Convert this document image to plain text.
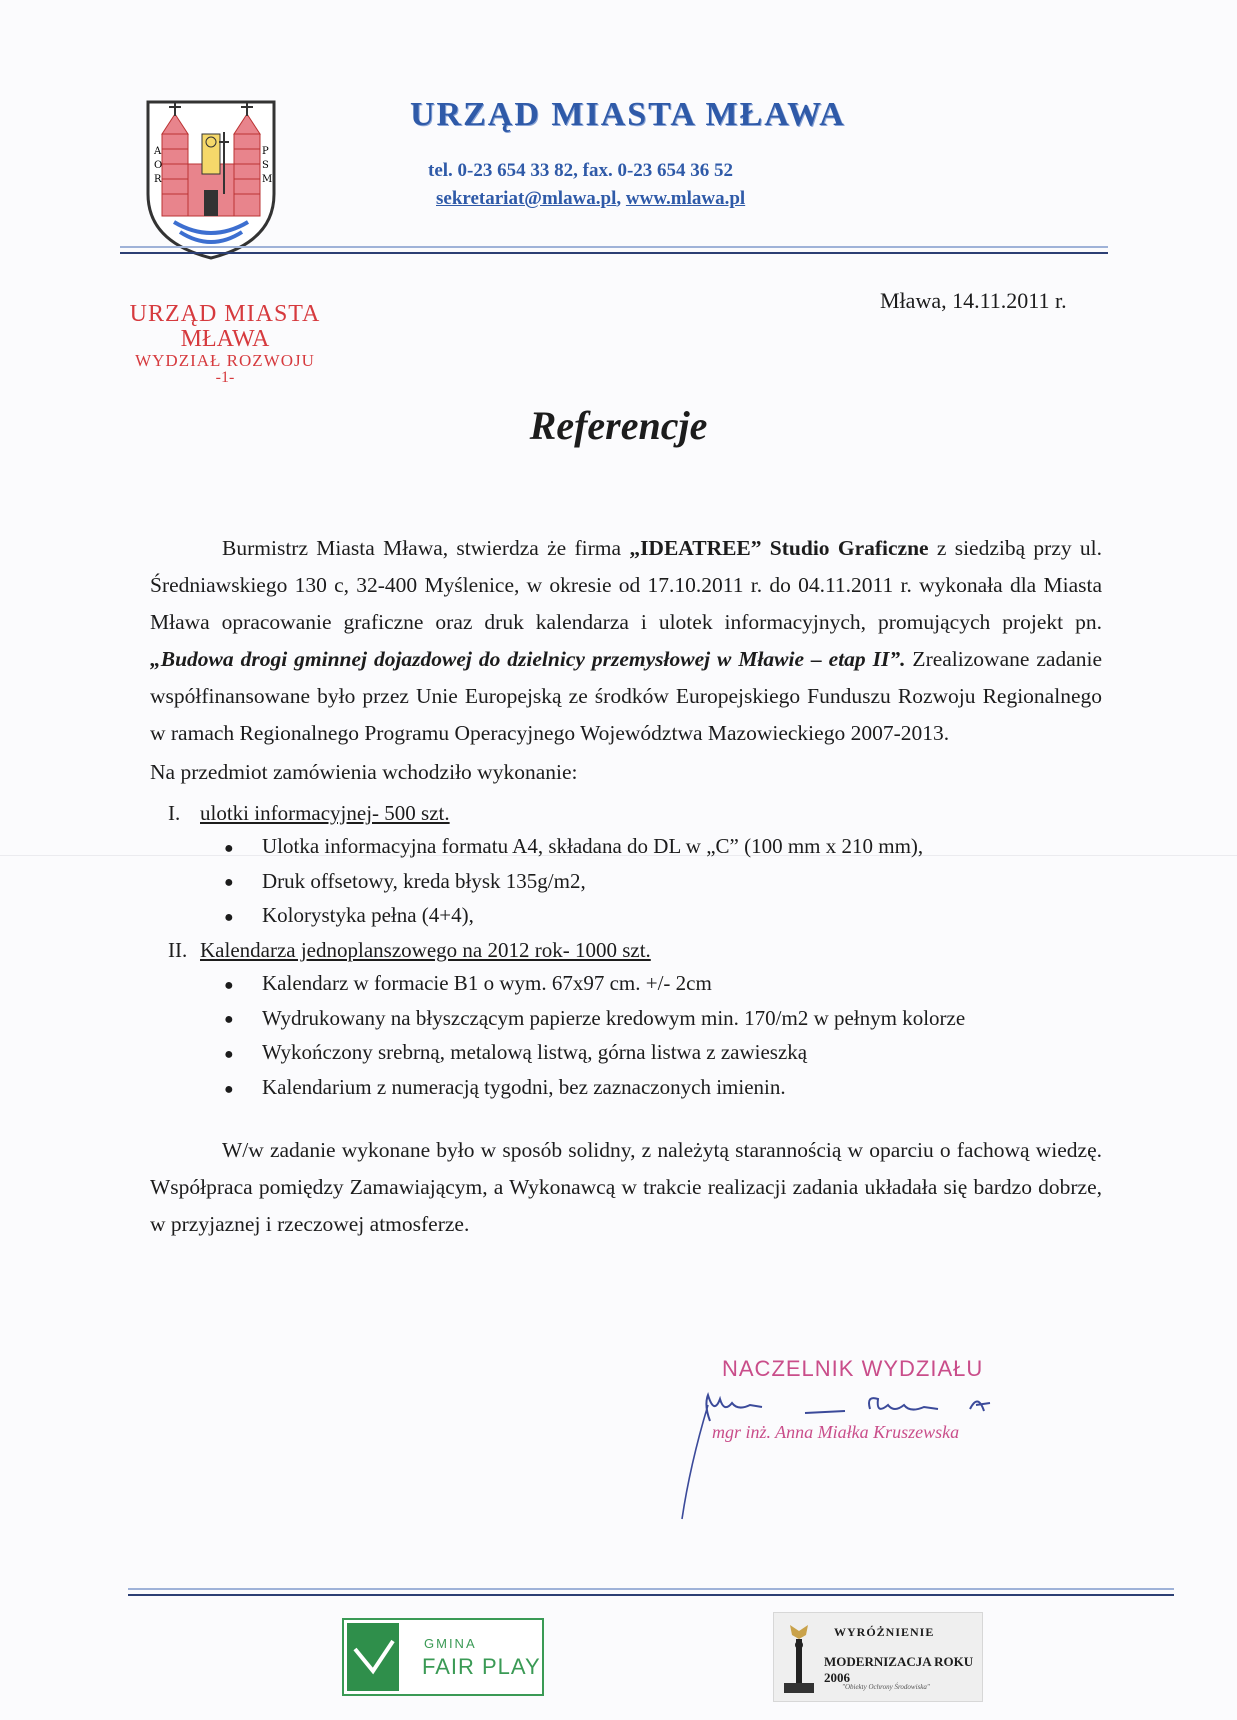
A
O
R
P
S
M
URZĄD MIASTA MŁAWA
tel. 0-23 654 33 82, fax. 0-23 654 36 52
sekretariat@mlawa.pl, www.mlawa.pl
URZĄD MIASTA
MŁAWA
WYDZIAŁ ROZWOJU
-1-
Mława, 14.11.2011 r.
Referencje

Burmistrz Miasta Mława, stwierdza że firma „IDEATREE” Studio Graficzne z siedzibą przy ul. Średniawskiego 130 c, 32-400 Myślenice, w okresie od 17.10.2011 r. do 04.11.2011 r. wykonała dla Miasta Mława opracowanie graficzne oraz druk kalendarza i ulotek informacyjnych, promujących projekt pn. „Budowa drogi gminnej dojazdowej do dzielnicy przemysłowej w Mławie – etap II”. Zrealizowane zadanie współfinansowane było przez Unie Europejską ze środków Europejskiego Funduszu Rozwoju Regionalnego w ramach Regionalnego Programu Operacyjnego Województwa Mazowieckiego 2007-2013.

Na przedmiot zamówienia wchodziło wykonanie:

I. ulotki informacyjnej- 500 szt.
● Ulotka informacyjna formatu A4, składana do DL w „C” (100 mm x 210 mm),
● Druk offsetowy, kreda błysk 135g/m2,
● Kolorystyka pełna (4+4),
II. Kalendarza jednoplanszowego na 2012 rok- 1000 szt.
● Kalendarz w formacie B1 o wym. 67x97 cm. +/- 2cm
● Wydrukowany na błyszczącym papierze kredowym min. 170/m2 w pełnym kolorze
● Wykończony srebrną, metalową listwą, górna listwa z zawieszką
● Kalendarium z numeracją tygodni, bez zaznaczonych imienin.

W/w zadanie wykonane było w sposób solidny, z należytą starannością w oparciu o fachową wiedzę. Współpraca pomiędzy Zamawiającym, a Wykonawcą w trakcie realizacji zadania układała się bardzo dobrze, w przyjaznej i rzeczowej atmosferze.

NACZELNIK WYDZIAŁU
mgr inż. Anna Miałka Kruszewska
GMINA
FAIR PLAY
WYRÓŻNIENIE
MODERNIZACJA ROKU 2006
"Obiekty Ochrony Środowiska"
